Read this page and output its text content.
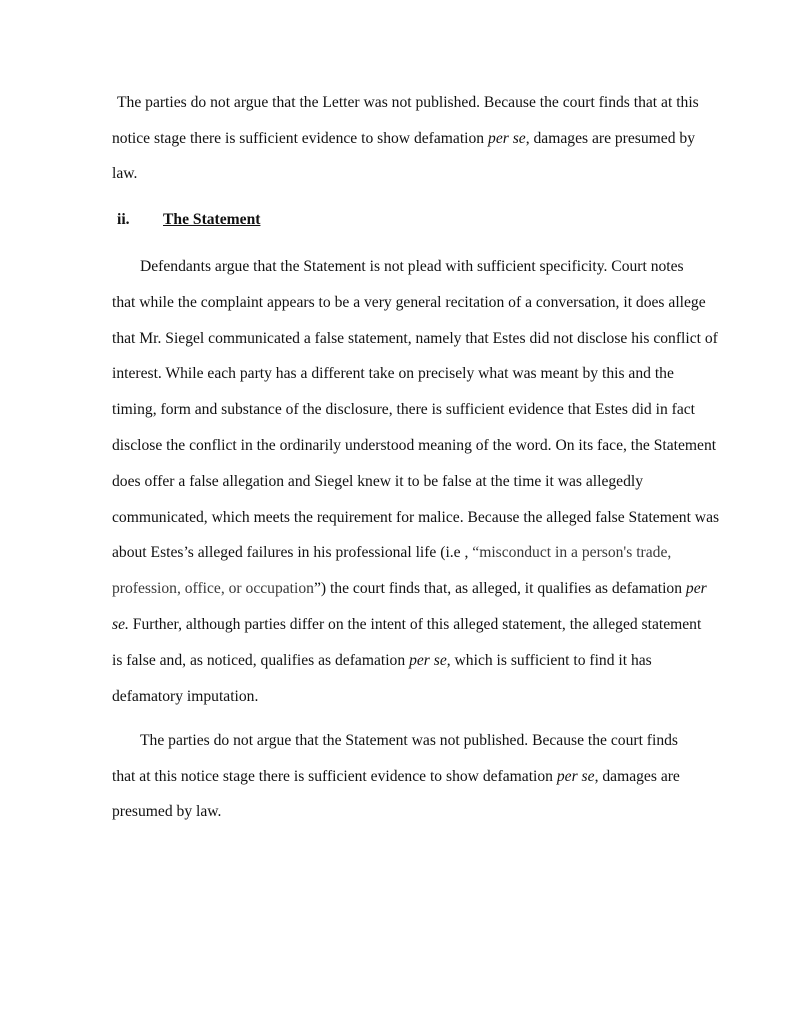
ii. The Statement
The parties do not argue that the Letter was not published. Because the court finds that at this
notice stage there is sufficient evidence to show defamation per se, damages are presumed by
law.
Defendants argue that the Statement is not plead with sufficient specificity. Court notes
that while the complaint appears to be a very general recitation of a conversation, it does allege
that Mr. Siegel communicated a false statement, namely that Estes did not disclose his conflict of
interest. While each party has a different take on precisely what was meant by this and the
timing, form and substance of the disclosure, there is sufficient evidence that Estes did in fact
disclose the conflict in the ordinarily understood meaning of the word. On its face, the Statement
does offer a false allegation and Siegel knew it to be false at the time it was allegedly
communicated, which meets the requirement for malice. Because the alleged false Statement was
about Estes’s alleged failures in his professional life (i.e , “misconduct in a person's trade,
profession, office, or occupation”) the court finds that, as alleged, it qualifies as defamation per
se. Further, although parties differ on the intent of this alleged statement, the alleged statement
is false and, as noticed, qualifies as defamation per se, which is sufficient to find it has
defamatory imputation.
The parties do not argue that the Statement was not published. Because the court finds
that at this notice stage there is sufficient evidence to show defamation per se, damages are
presumed by law.
